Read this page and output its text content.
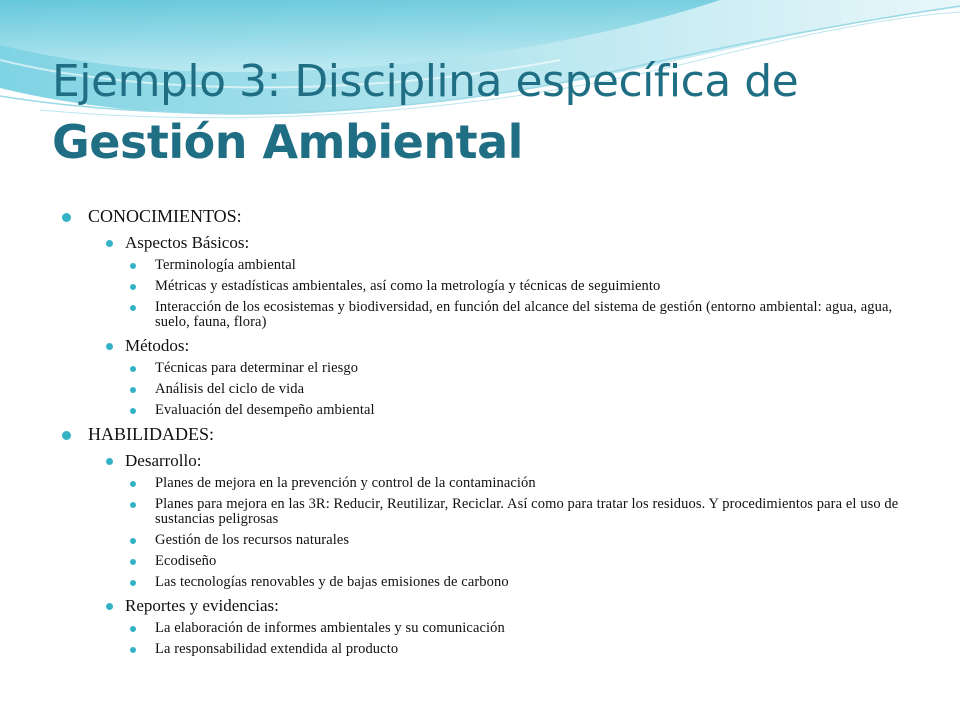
Ejemplo 3: Disciplina específica de
Gestión Ambiental
CONOCIMIENTOS:
Aspectos Básicos:
Terminología ambiental
Métricas y estadísticas ambientales, así como la metrología y técnicas de seguimiento
Interacción de los ecosistemas y biodiversidad, en función del alcance del sistema de gestión (entorno ambiental: agua, agua, suelo, fauna, flora)
Métodos:
Técnicas para determinar el riesgo
Análisis del ciclo de vida
Evaluación del desempeño ambiental
HABILIDADES:
Desarrollo:
Planes de mejora en la prevención y control de la contaminación
Planes para mejora en las 3R: Reducir, Reutilizar, Reciclar. Así como para tratar los residuos. Y procedimientos para el uso de sustancias peligrosas
Gestión de los recursos naturales
Ecodiseño
Las tecnologías renovables y de bajas emisiones de carbono
Reportes y evidencias:
La elaboración de informes ambientales y su comunicación
La responsabilidad extendida al producto
